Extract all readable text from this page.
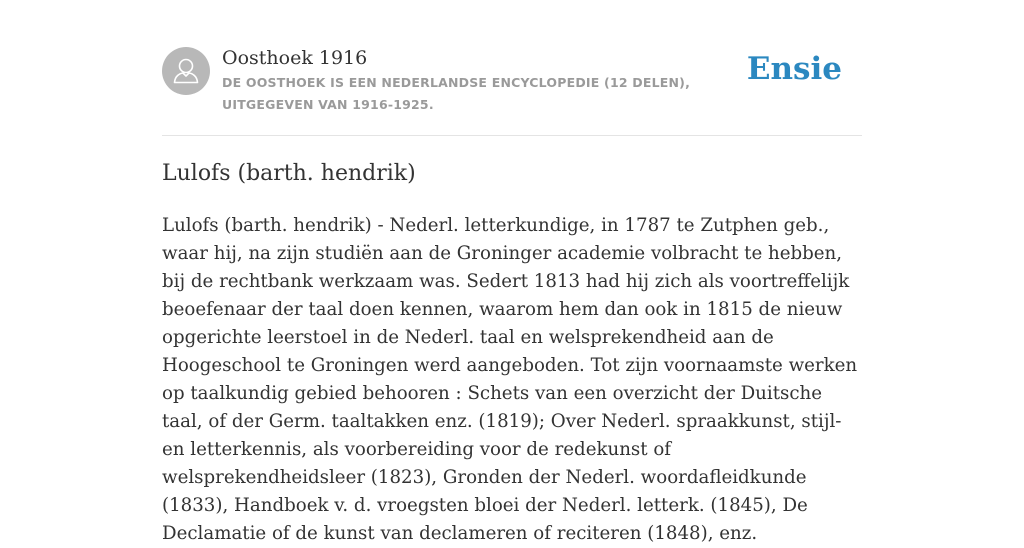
Oosthoek 1916
DE OOSTHOEK IS EEN NEDERLANDSE ENCYCLOPEDIE (12 DELEN), UITGEGEVEN VAN 1916-1925.
Ensie
Lulofs (barth. hendrik)

Lulofs (barth. hendrik) - Nederl. letterkundige, in 1787 te Zutphen geb., waar hij, na zijn studiën aan de Groninger academie volbracht te hebben, bij de rechtbank werkzaam was. Sedert 1813 had hij zich als voortreffelijk beoefenaar der taal doen kennen, waarom hem dan ook in 1815 de nieuw opgerichte leerstoel in de Nederl. taal en welsprekendheid aan de Hoogeschool te Groningen werd aangeboden. Tot zijn voornaamste werken op taalkundig gebied behooren : Schets van een overzicht der Duitsche taal, of der Germ. taaltakken enz. (1819); Over Nederl. spraakkunst, stijl- en letterkennis, als voorbereiding voor de redekunst of welsprekendheidsleer (1823), Gronden der Nederl. woordafleidkunde (1833), Handboek v. d. vroegsten bloei der Nederl. letterk. (1845), De Declamatie of de kunst van declameren of reciteren (1848), enz.
